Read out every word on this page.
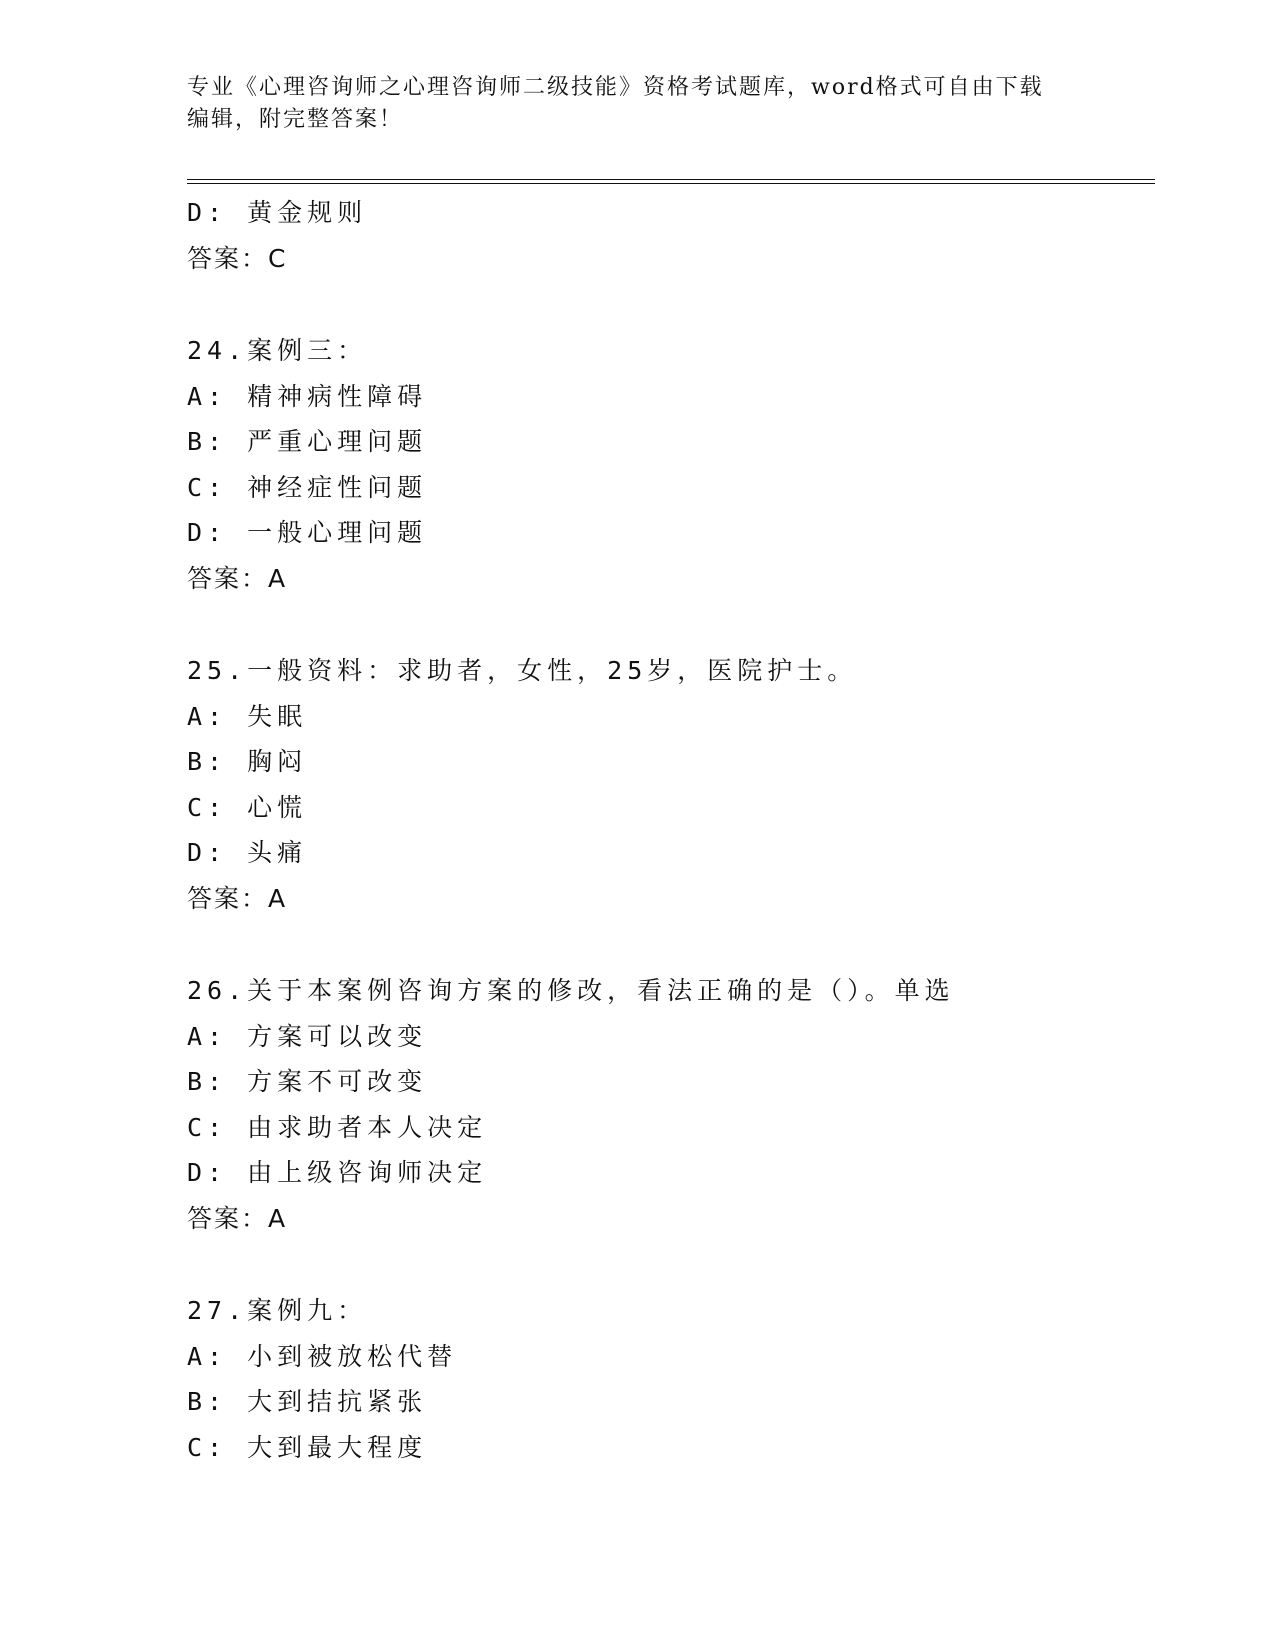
专业《心理咨询师之心理咨询师二级技能》资格考试题库，word格式可自由下载
编辑，附完整答案！
D: 黄金规则
答案：C
24.案例三：
A: 精神病性障碍
B: 严重心理问题
C: 神经症性问题
D: 一般心理问题
答案：A
25.一般资料：求助者，女性，25岁，医院护士。
A: 失眠
B: 胸闷
C: 心慌
D: 头痛
答案：A
26.关于本案例咨询方案的修改，看法正确的是（）。单选
A: 方案可以改变
B: 方案不可改变
C: 由求助者本人决定
D: 由上级咨询师决定
答案：A
27.案例九：
A: 小到被放松代替
B: 大到拮抗紧张
C: 大到最大程度
